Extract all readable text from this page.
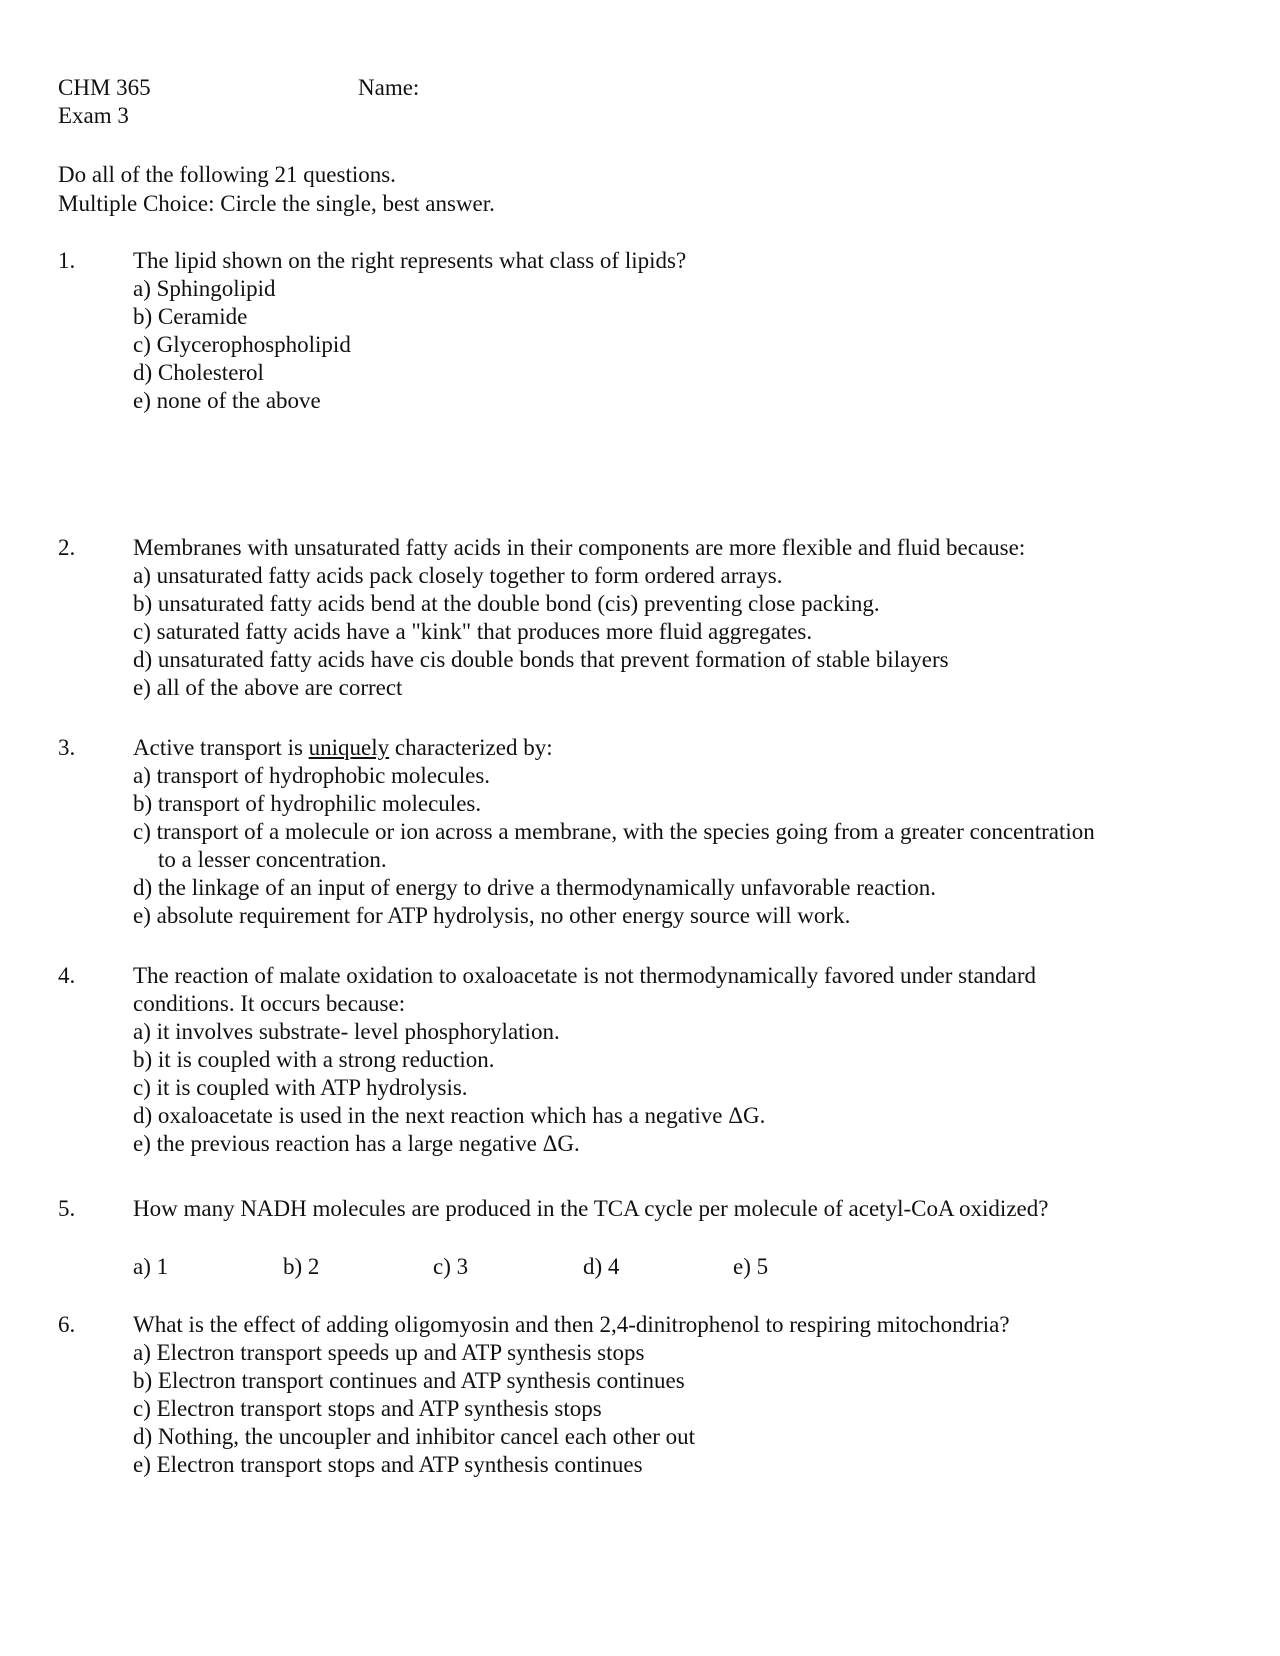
CHM 365
Exam 3
Name:
Do all of the following 21 questions.
Multiple Choice: Circle the single, best answer.
1.	The lipid shown on the right represents what class of lipids?
a) Sphingolipid
b) Ceramide
c) Glycerophospholipid
d) Cholesterol
e) none of the above
2.	Membranes with unsaturated fatty acids in their components are more flexible and fluid because:
a) unsaturated fatty acids pack closely together to form ordered arrays.
b) unsaturated fatty acids bend at the double bond (cis) preventing close packing.
c) saturated fatty acids have a "kink" that produces more fluid aggregates.
d) unsaturated fatty acids have cis double bonds that prevent formation of stable bilayers
e) all of the above are correct
3.	Active transport is uniquely characterized by:
a) transport of hydrophobic molecules.
b) transport of hydrophilic molecules.
c) transport of a molecule or ion across a membrane, with the species going from a greater concentration
to a lesser concentration.
d) the linkage of an input of energy to drive a thermodynamically unfavorable reaction.
e) absolute requirement for ATP hydrolysis, no other energy source will work.
4.	The reaction of malate oxidation to oxaloacetate is not thermodynamically favored under standard
conditions. It occurs because:
a) it involves substrate- level phosphorylation.
b) it is coupled with a strong reduction.
c) it is coupled with ATP hydrolysis.
d) oxaloacetate is used in the next reaction which has a negative ΔG.
e) the previous reaction has a large negative ΔG.
5.	How many NADH molecules are produced in the TCA cycle per molecule of acetyl-CoA oxidized?
a) 1	b) 2	c) 3	d) 4	e) 5
6.	What is the effect of adding oligomyosin and then 2,4-dinitrophenol to respiring mitochondria?
a) Electron transport speeds up and ATP synthesis stops
b) Electron transport continues and ATP synthesis continues
c) Electron transport stops and ATP synthesis stops
d) Nothing, the uncoupler and inhibitor cancel each other out
e) Electron transport stops and ATP synthesis continues
